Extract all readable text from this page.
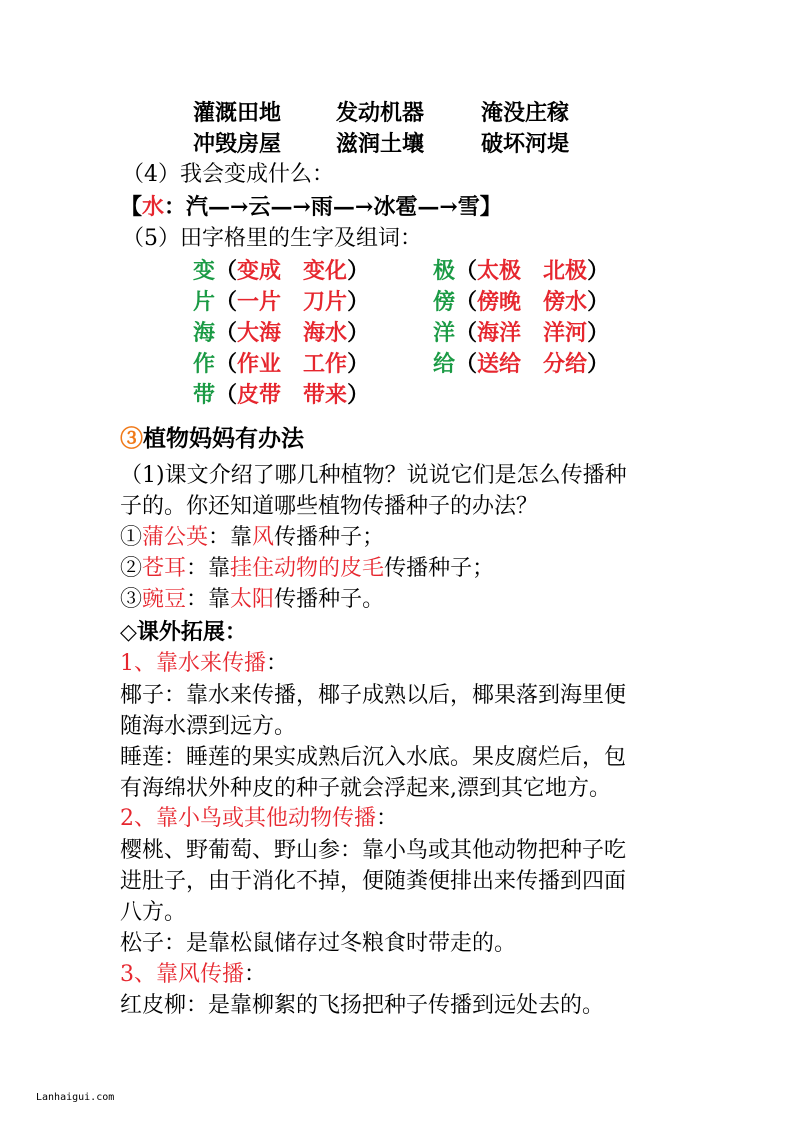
灌溉田地 发动机器	淹没庄稼
冲毁房屋 滋润土壤	破坏河堤
（4）我会变成什么：
【水：汽—→云—→雨—→冰雹—→雪】
（5）田字格里的生字及组词：
变（变成 变化）	极（太极 北极）
片（一片 刀片）	傍（傍晚 傍水）
海（大海 海水）	洋（海洋 洋河）
作（作业 工作）	给（送给 分给）
带（皮带 带来）
③植物妈妈有办法
（1)课文介绍了哪几种植物？说说它们是怎么传播种
子的。你还知道哪些植物传播种子的办法？
①蒲公英：靠风传播种子；
②苍耳：靠挂住动物的皮毛传播种子；
③豌豆：靠太阳传播种子。
◇课外拓展：
1、靠水来传播：
椰子：靠水来传播，椰子成熟以后，椰果落到海里便
随海水漂到远方。
睡莲：睡莲的果实成熟后沉入水底。果皮腐烂后，包
有海绵状外种皮的种子就会浮起来,漂到其它地方。
2、靠小鸟或其他动物传播：
樱桃、野葡萄、野山参：靠小鸟或其他动物把种子吃
进肚子，由于消化不掉，便随粪便排出来传播到四面
八方。
松子：是靠松鼠储存过冬粮食时带走的。
3、靠风传播：
红皮柳：是靠柳絮的飞扬把种子传播到远处去的。
Lanhaigui.com
